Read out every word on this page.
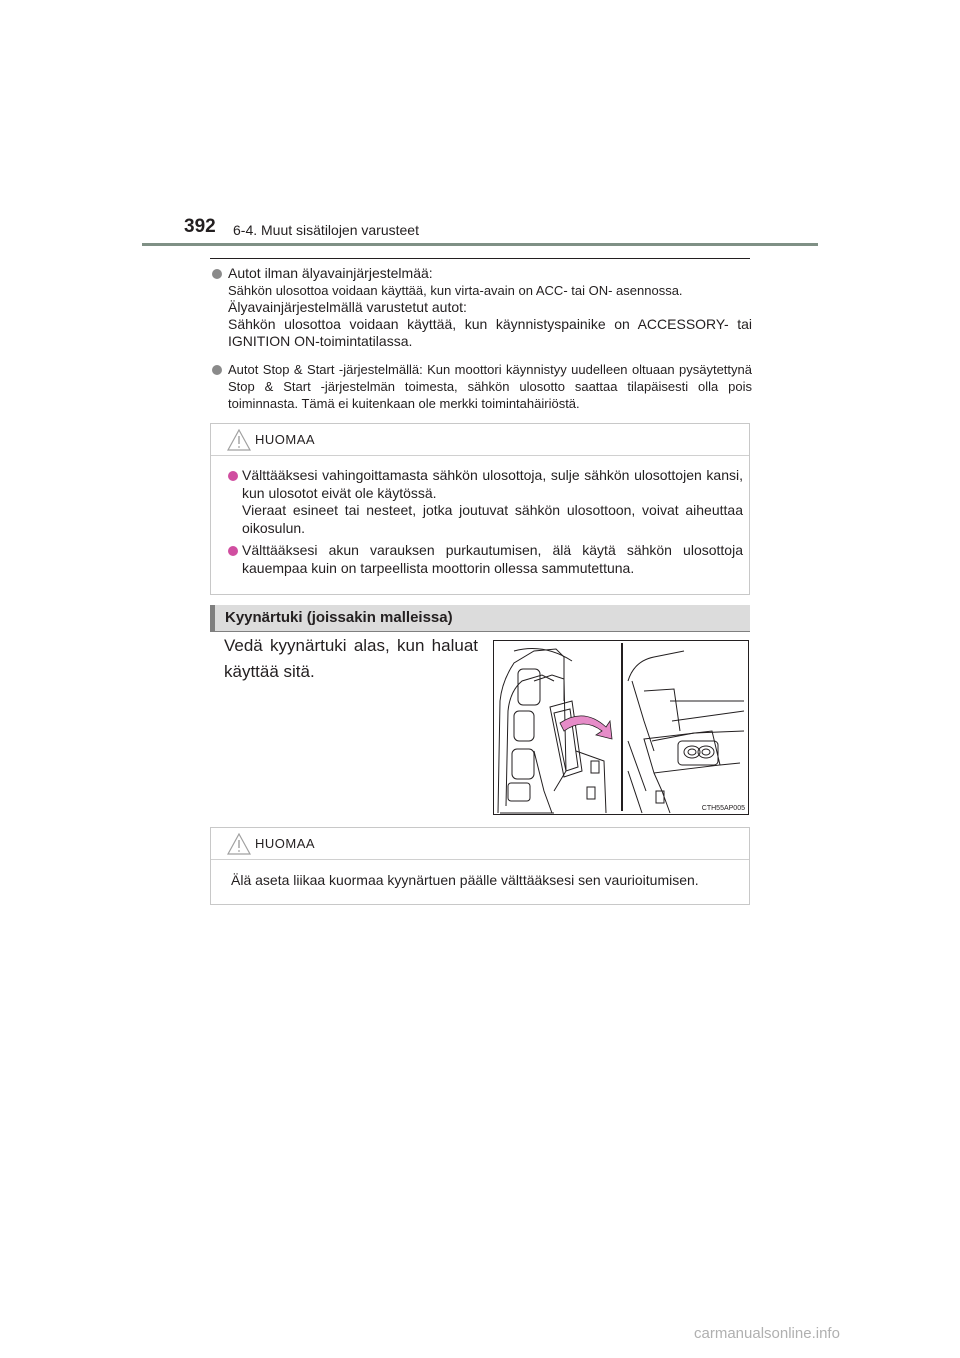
392 6-4. Muut sisätilojen varusteet

Autot ilman älyavainjärjestelmää:

Sähkön ulosottoa voidaan käyttää, kun virta-avain on ACC- tai ON- asennossa.

Älyavainjärjestelmällä varustetut autot:

Sähkön ulosottoa voidaan käyttää, kun käynnistyspainike on ACCESSORY- tai IGNITION ON-toimintatilassa.

Autot Stop & Start -järjestelmällä: Kun moottori käynnistyy uudelleen oltuaan pysäytettynä Stop & Start -järjestelmän toimesta, sähkön ulosotto saattaa tilapäisesti olla pois toiminnasta. Tämä ei kuitenkaan ole merkki toimintahäiriöstä.

HUOMAA

Välttääksesi vahingoittamasta sähkön ulosottoja, sulje sähkön ulosottojen kansi, kun ulosotot eivät ole käytössä.

Vieraat esineet tai nesteet, jotka joutuvat sähkön ulosottoon, voivat aiheuttaa oikosulun.

Välttääksesi akun varauksen purkautumisen, älä käytä sähkön ulosottoja kauempaa kuin on tarpeellista moottorin ollessa sammutettuna.

Kyynärtuki (joissakin malleissa)
Vedä kyynärtuki alas, kun haluat käyttää sitä.
CTH55AP005
HUOMAA

Älä aseta liikaa kuormaa kyynärtuen päälle välttääksesi sen vaurioitumisen.

carmanualsonline.info
